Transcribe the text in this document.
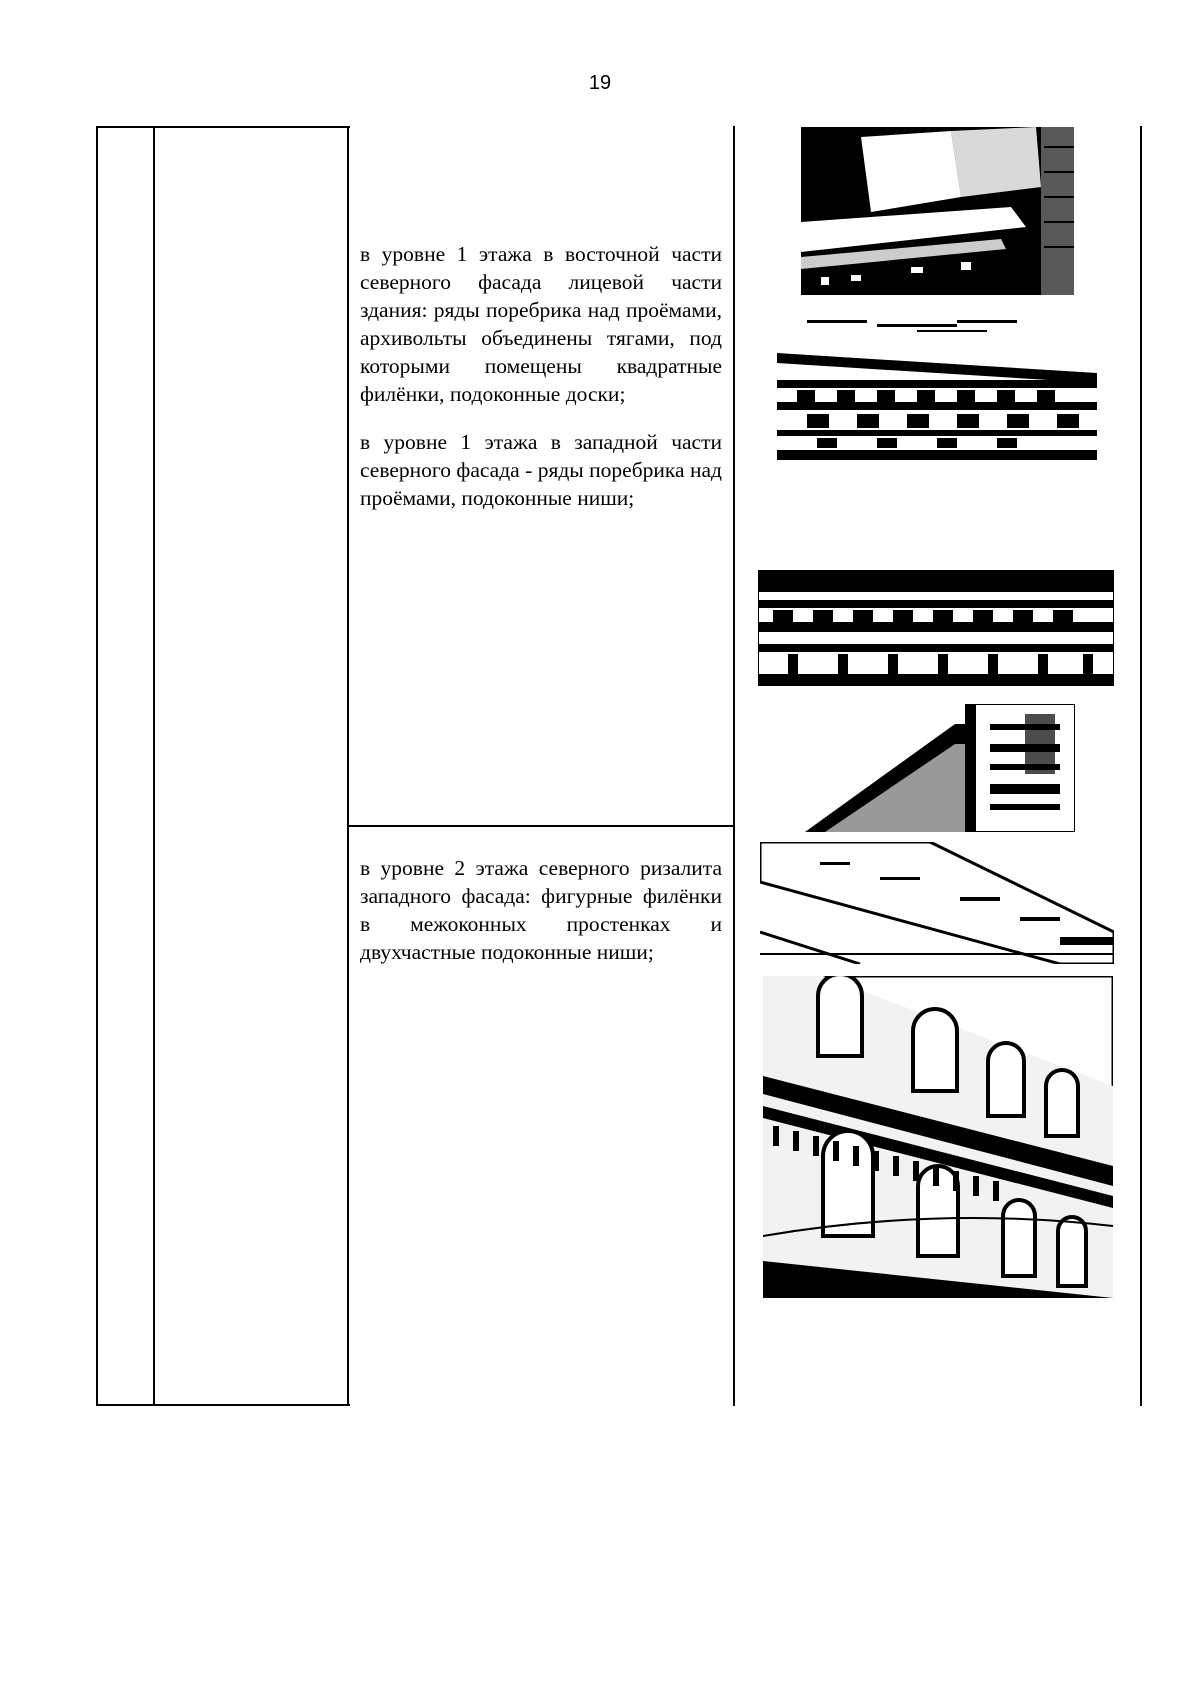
19

в уровне 1 этажа в восточной части северного фасада лицевой части здания: ряды поребрика над проёмами, архивольты объединены тягами, под которыми помещены квадратные филёнки, подоконные доски;

в уровне 1 этажа в западной части северного фасада - ряды поребрика над проёмами, подоконные ниши;

в уровне 2 этажа северного ризалита западного фасада: фигурные филёнки в межоконных простенках и двухчастные подоконные ниши;
